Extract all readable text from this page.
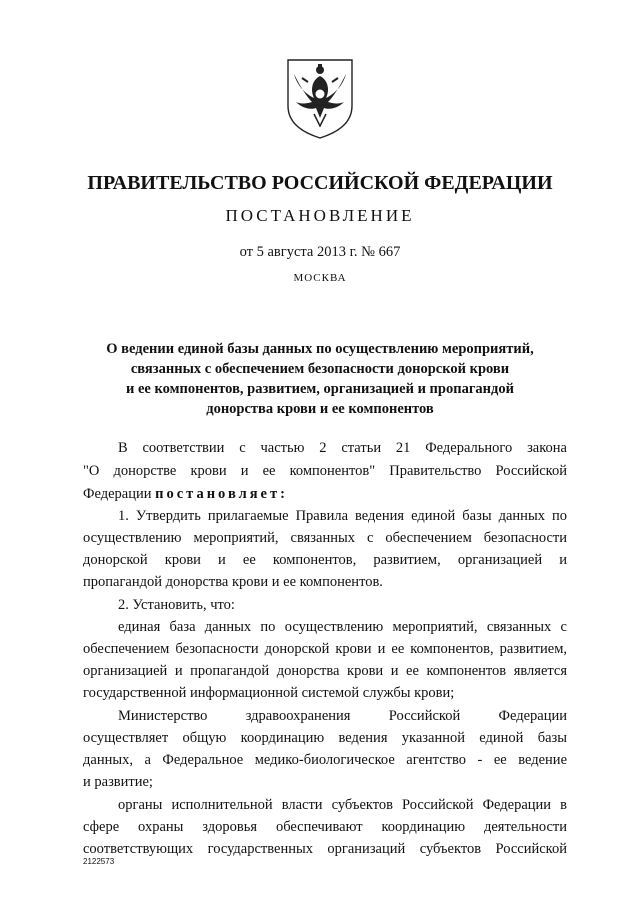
ПРАВИТЕЛЬСТВО РОССИЙСКОЙ ФЕДЕРАЦИИ
ПОСТАНОВЛЕНИЕ
от 5 августа 2013 г. № 667
МОСКВА
О ведении единой базы данных по осуществлению мероприятий,
связанных с обеспечением безопасности донорской крови
и ее компонентов, развитием, организацией и пропагандой
донорства крови и ее компонентов
В соответствии с частью 2 статьи 21 Федерального закона
"О донорстве крови и ее компонентов" Правительство Российской
Федерации постановляет:
1. Утвердить прилагаемые Правила ведения единой базы данных по
осуществлению мероприятий, связанных с обеспечением безопасности
донорской крови и ее компонентов, развитием, организацией и
пропагандой донорства крови и ее компонентов.
2. Установить, что:
единая база данных по осуществлению мероприятий, связанных с
обеспечением безопасности донорской крови и ее компонентов, развитием,
организацией и пропагандой донорства крови и ее компонентов является
государственной информационной системой службы крови;
Министерство здравоохранения Российской Федерации
осуществляет общую координацию ведения указанной единой базы
данных, а Федеральное медико-биологическое агентство - ее ведение
и развитие;
органы исполнительной власти субъектов Российской Федерации в
сфере охраны здоровья обеспечивают координацию деятельности
соответствующих государственных организаций субъектов Российской
2122573
